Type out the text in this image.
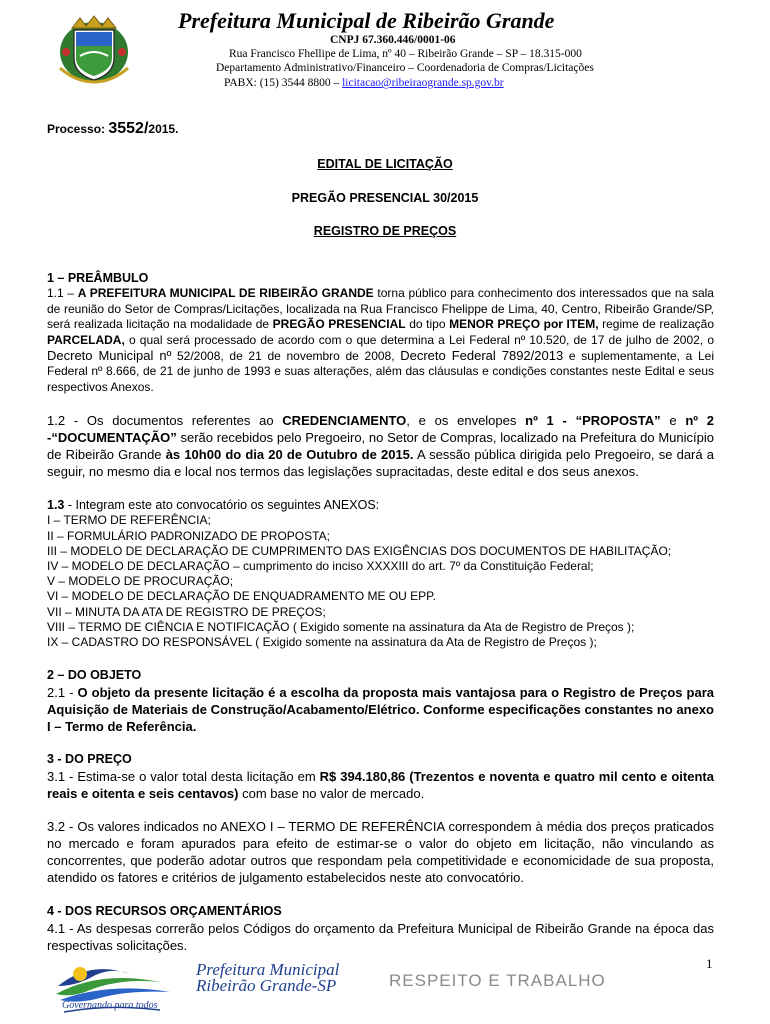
Prefeitura Municipal de Ribeirão Grande
CNPJ 67.360.446/0001-06
Rua Francisco Fhellipe de Lima, nº 40 – Ribeirão Grande – SP – 18.315-000
Departamento Administrativo/Financeiro – Coordenadoria de Compras/Licitações
PABX: (15) 3544 8800 – licitacao@ribeiraogrande.sp.gov.br
Processo: 3552/2015.
EDITAL DE LICITAÇÃO
PREGÃO PRESENCIAL 30/2015
REGISTRO DE PREÇOS
1 – PREÂMBULO
1.1 – A PREFEITURA MUNICIPAL DE RIBEIRÃO GRANDE torna público para conhecimento dos interessados que na sala de reunião do Setor de Compras/Licitações, localizada na Rua Francisco Fhelippe de Lima, 40, Centro, Ribeirão Grande/SP, será realizada licitação na modalidade de PREGÃO PRESENCIAL do tipo MENOR PREÇO por ITEM, regime de realização PARCELADA, o qual será processado de acordo com o que determina a Lei Federal nº 10.520, de 17 de julho de 2002, o Decreto Municipal nº 52/2008, de 21 de novembro de 2008, Decreto Federal 7892/2013 e suplementamente, a Lei Federal nº 8.666, de 21 de junho de 1993 e suas alterações, além das cláusulas e condições constantes neste Edital e seus respectivos Anexos.
1.2 - Os documentos referentes ao CREDENCIAMENTO, e os envelopes nº 1 - “PROPOSTA” e nº 2 -“DOCUMENTAÇÃO” serão recebidos pelo Pregoeiro, no Setor de Compras, localizado na Prefeitura do Município de Ribeirão Grande às 10h00 do dia 20 de Outubro de 2015. A sessão pública dirigida pelo Pregoeiro, se dará a seguir, no mesmo dia e local nos termos das legislações supracitadas, deste edital e dos seus anexos.
1.3 - Integram este ato convocatório os seguintes ANEXOS:
I – TERMO DE REFERÊNCIA;
II – FORMULÁRIO PADRONIZADO DE PROPOSTA;
III – MODELO DE DECLARAÇÃO DE CUMPRIMENTO DAS EXIGÊNCIAS DOS DOCUMENTOS DE HABILITAÇÃO;
IV – MODELO DE DECLARAÇÃO – cumprimento do inciso XXXXIII do art. 7º da Constituição Federal;
V – MODELO DE PROCURAÇÃO;
VI – MODELO DE DECLARAÇÃO DE ENQUADRAMENTO ME OU EPP.
VII – MINUTA DA ATA DE REGISTRO DE PREÇOS;
VIII – TERMO DE CIÊNCIA E NOTIFICAÇÃO ( Exigido somente na assinatura da Ata de Registro de Preços );
IX – CADASTRO DO RESPONSÁVEL ( Exigido somente na assinatura da Ata de Registro de Preços );
2 – DO OBJETO
2.1 - O objeto da presente licitação é a escolha da proposta mais vantajosa para o Registro de Preços para Aquisição de Materiais de Construção/Acabamento/Elétrico. Conforme especificações constantes no anexo I – Termo de Referência.
3 - DO PREÇO
3.1 - Estima-se o valor total desta licitação em R$ 394.180,86 (Trezentos e noventa e quatro mil cento e oitenta reais e oitenta e seis centavos) com base no valor de mercado.
3.2 - Os valores indicados no ANEXO I – TERMO DE REFERÊNCIA correspondem à média dos preços praticados no mercado e foram apurados para efeito de estimar-se o valor do objeto em licitação, não vinculando as concorrentes, que poderão adotar outros que respondam pela competitividade e economicidade de sua proposta, atendido os fatores e critérios de julgamento estabelecidos neste ato convocatório.
4 - DOS RECURSOS ORÇAMENTÁRIOS
4.1 - As despesas correrão pelos Códigos do orçamento da Prefeitura Municipal de Ribeirão Grande na época das respectivas solicitações.
1
Governando para todos
Prefeitura Municipal
Ribeirão Grande-SP	RESPEITO E TRABALHO
